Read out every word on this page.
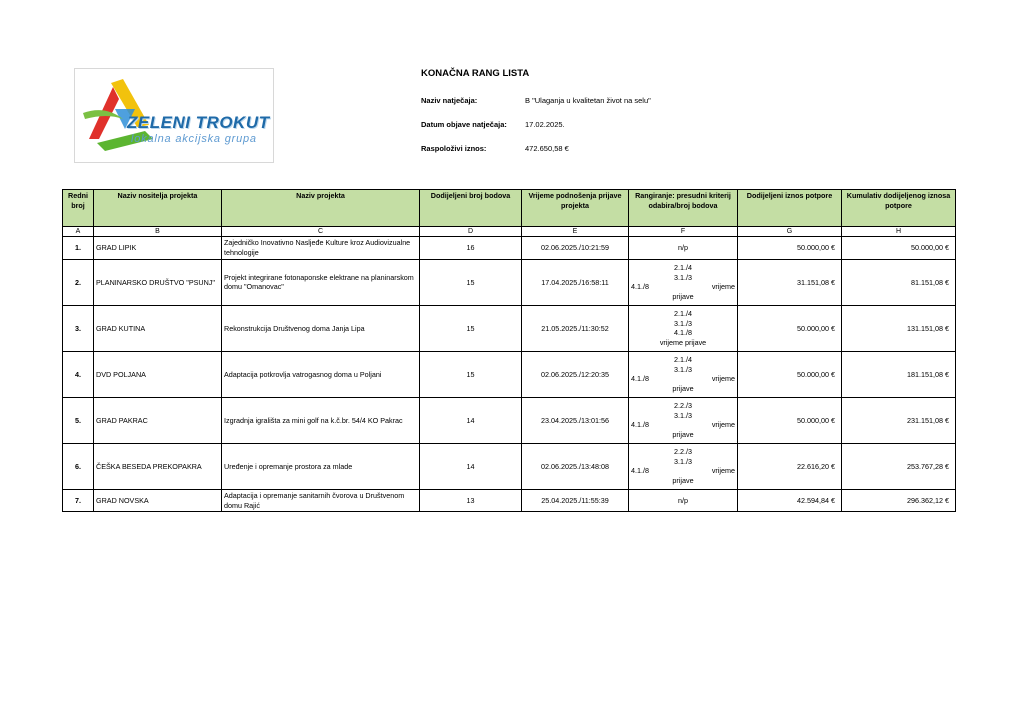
ZELENI TROKUT
lokalna akcijska grupa
KONAČNA RANG LISTA
Naziv natječaja:	B "Ulaganja u kvalitetan život na selu"
Datum objave natječaja: 17.02.2025.
Raspoloživi iznos:	472.650,58 €
Redni broj	Naziv nositelja projekta	Naziv projekta	Dodijeljeni broj bodova	Vrijeme podnošenja prijave projekta	Rangiranje: presudni kriterij odabira/broj bodova	Dodijeljeni iznos potpore	Kumulativ dodijeljenog iznosa potpore
A	B	C	D	E	F	G	H
1.	GRAD LIPIK	Zajedničko Inovativno Nasljeđe Kulture kroz Audiovizualne tehnologije	16	02.06.2025./10:21:59	n/p	50.000,00 €	50.000,00 €
2.	PLANINARSKO DRUŠTVO "PSUNJ"	Projekt integrirane fotonaponske elektrane na planinarskom domu "Omanovac"	15	17.04.2025./16:58:11	2.1./4
3.1./3
4.1./8 vrijeme
prijave	31.151,08 €	81.151,08 €
3.	GRAD KUTINA	Rekonstrukcija Društvenog doma Janja Lipa	15	21.05.2025./11:30:52	2.1./4
3.1./3
4.1./8
vrijeme prijave	50.000,00 €	131.151,08 €
4.	DVD POLJANA	Adaptacija potkrovlja vatrogasnog doma u Poljani	15	02.06.2025./12:20:35	2.1./4
3.1./3
4.1./8 vrijeme
prijave	50.000,00 €	181.151,08 €
5.	GRAD PAKRAC	Izgradnja igrališta za mini golf na k.č.br. 54/4 KO Pakrac	14	23.04.2025./13:01:56	2.2./3
3.1./3
4.1./8 vrijeme
prijave	50.000,00 €	231.151,08 €
6.	ČEŠKA BESEDA PREKOPAKRA	Uređenje i opremanje prostora za mlade	14	02.06.2025./13:48:08	2.2./3
3.1./3
4.1./8 vrijeme
prijave	22.616,20 €	253.767,28 €
7.	GRAD NOVSKA	Adaptacija i opremanje sanitarnih čvorova u Društvenom domu Rajić	13	25.04.2025./11:55:39	n/p	42.594,84 €	296.362,12 €
